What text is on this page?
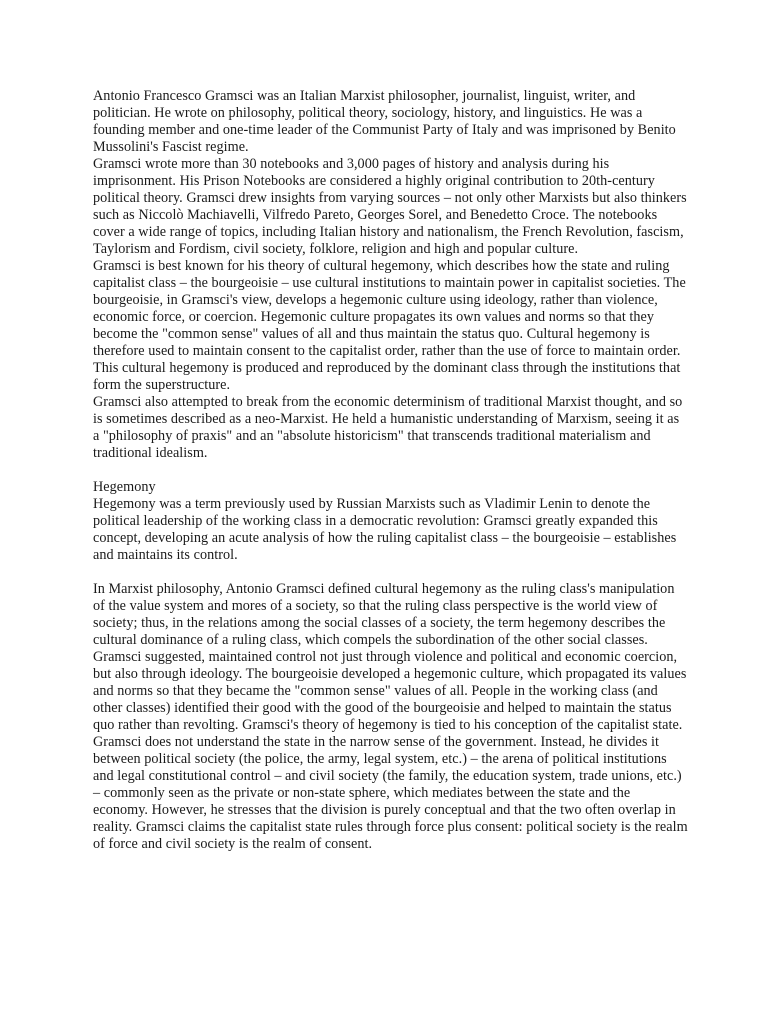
Antonio Francesco Gramsci was an Italian Marxist philosopher, journalist, linguist, writer, and politician. He wrote on philosophy, political theory, sociology, history, and linguistics. He was a founding member and one-time leader of the Communist Party of Italy and was imprisoned by Benito Mussolini's Fascist regime.

Gramsci wrote more than 30 notebooks and 3,000 pages of history and analysis during his imprisonment. His Prison Notebooks are considered a highly original contribution to 20th-century political theory. Gramsci drew insights from varying sources – not only other Marxists but also thinkers such as Niccolò Machiavelli, Vilfredo Pareto, Georges Sorel, and Benedetto Croce. The notebooks cover a wide range of topics, including Italian history and nationalism, the French Revolution, fascism, Taylorism and Fordism, civil society, folklore, religion and high and popular culture.

Gramsci is best known for his theory of cultural hegemony, which describes how the state and ruling capitalist class – the bourgeoisie – use cultural institutions to maintain power in capitalist societies. The bourgeoisie, in Gramsci's view, develops a hegemonic culture using ideology, rather than violence, economic force, or coercion. Hegemonic culture propagates its own values and norms so that they become the "common sense" values of all and thus maintain the status quo. Cultural hegemony is therefore used to maintain consent to the capitalist order, rather than the use of force to maintain order. This cultural hegemony is produced and reproduced by the dominant class through the institutions that form the superstructure.

Gramsci also attempted to break from the economic determinism of traditional Marxist thought, and so is sometimes described as a neo-Marxist. He held a humanistic understanding of Marxism, seeing it as a "philosophy of praxis" and an "absolute historicism" that transcends traditional materialism and traditional idealism.

Hegemony

Hegemony was a term previously used by Russian Marxists such as Vladimir Lenin to denote the political leadership of the working class in a democratic revolution: Gramsci greatly expanded this concept, developing an acute analysis of how the ruling capitalist class – the bourgeoisie – establishes and maintains its control.

In Marxist philosophy, Antonio Gramsci defined cultural hegemony as the ruling class's manipulation of the value system and mores of a society, so that the ruling class perspective is the world view of society; thus, in the relations among the social classes of a society, the term hegemony describes the cultural dominance of a ruling class, which compels the subordination of the other social classes. Gramsci suggested, maintained control not just through violence and political and economic coercion, but also through ideology. The bourgeoisie developed a hegemonic culture, which propagated its values and norms so that they became the "common sense" values of all. People in the working class (and other classes) identified their good with the good of the bourgeoisie and helped to maintain the status quo rather than revolting. Gramsci's theory of hegemony is tied to his conception of the capitalist state. Gramsci does not understand the state in the narrow sense of the government. Instead, he divides it between political society (the police, the army, legal system, etc.) – the arena of political institutions and legal constitutional control – and civil society (the family, the education system, trade unions, etc.) – commonly seen as the private or non-state sphere, which mediates between the state and the economy. However, he stresses that the division is purely conceptual and that the two often overlap in reality. Gramsci claims the capitalist state rules through force plus consent: political society is the realm of force and civil society is the realm of consent.
